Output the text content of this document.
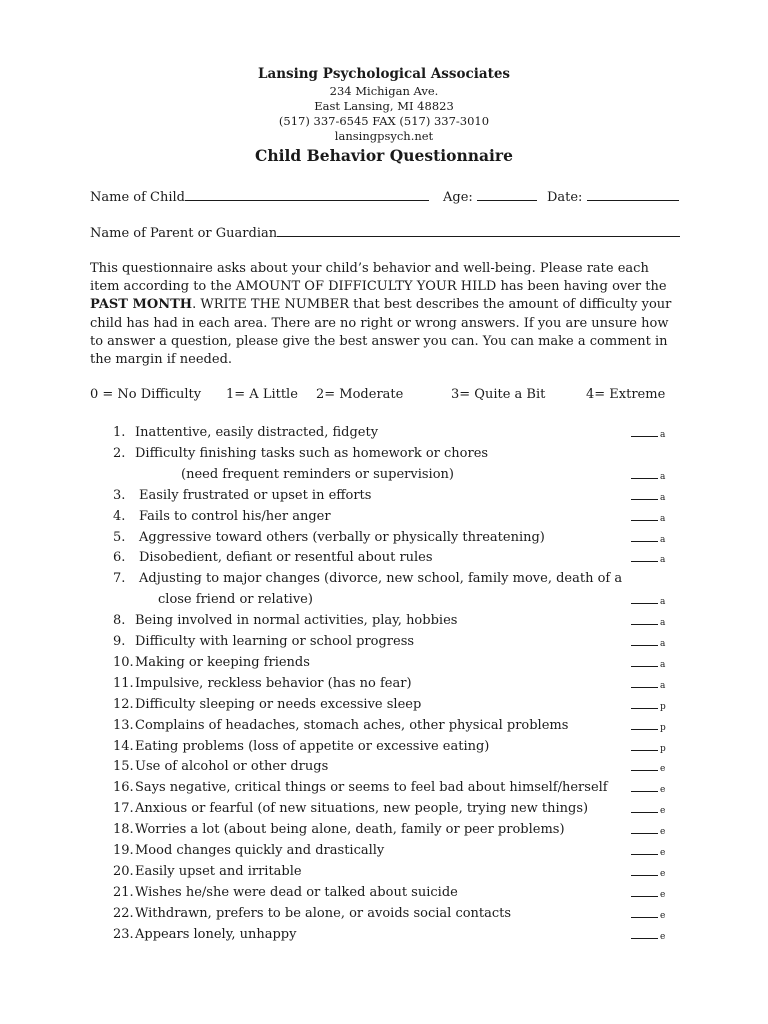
Lansing Psychological Associates
234 Michigan Ave.
East Lansing, MI 48823
(517) 337-6545 FAX (517) 337-3010
lansingpsych.net
Child Behavior Questionnaire
Name of Child	Age:	Date:
Name of Parent or Guardian
This questionnaire asks about your child’s behavior and well-being. Please rate each item according to the AMOUNT OF DIFFICULTY YOUR HILD has been having over the PAST MONTH. WRITE THE NUMBER that best describes the amount of difficulty your child has had in each area. There are no right or wrong answers. If you are unsure how to answer a question, please give the best answer you can. You can make a comment in the margin if needed.
0 = No Difficulty 1= A Little 2= Moderate	3= Quite a Bit	4= Extreme
1. Inattentive, easily distracted, fidgety	a
2. Difficulty finishing tasks such as homework or chores
(need frequent reminders or supervision)	a
3. Easily frustrated or upset in efforts	a
4. Fails to control his/her anger	a
5. Aggressive toward others (verbally or physically threatening)	a
6. Disobedient, defiant or resentful about rules	a
7. Adjusting to major changes (divorce, new school, family move, death of a
close friend or relative)	a
8. Being involved in normal activities, play, hobbies	a
9. Difficulty with learning or school progress	a
10. Making or keeping friends	a
11. Impulsive, reckless behavior (has no fear)	a
12. Difficulty sleeping or needs excessive sleep	p
13. Complains of headaches, stomach aches, other physical problems	p
14. Eating problems (loss of appetite or excessive eating)	p
15. Use of alcohol or other drugs	e
16. Says negative, critical things or seems to feel bad about himself/herself	e
17. Anxious or fearful (of new situations, new people, trying new things)	e
18. Worries a lot (about being alone, death, family or peer problems)	e
19. Mood changes quickly and drastically	e
20. Easily upset and irritable	e
21. Wishes he/she were dead or talked about suicide	e
22. Withdrawn, prefers to be alone, or avoids social contacts	e
23. Appears lonely, unhappy	e
